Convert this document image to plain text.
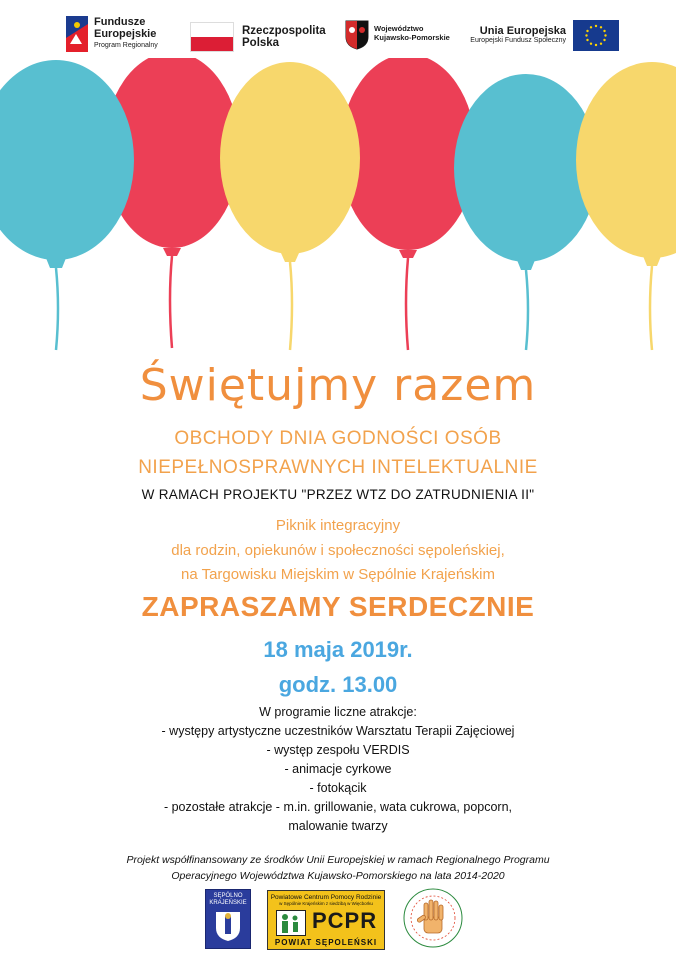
Fundusze
Europejskie
Program Regionalny
Rzeczpospolita
Polska
Województwo
Kujawsko-Pomorskie
Unia Europejska
Europejski Fundusz Społeczny
Świętujmy razem
OBCHODY DNIA GODNOŚCI OSÓB
NIEPEŁNOSPRAWNYCH INTELEKTUALNIE
W RAMACH PROJEKTU "PRZEZ WTZ DO ZATRUDNIENIA II"
Piknik integracyjny
dla rodzin, opiekunów i społeczności sępoleńskiej,
na Targowisku Miejskim w Sępólnie Krajeńskim
ZAPRASZAMY SERDECZNIE
18 maja 2019r.
godz. 13.00
W programie liczne atrakcje:
- występy artystyczne uczestników Warsztatu Terapii Zajęciowej
- występ zespołu VERDIS
- animacje cyrkowe
- fotokącik
- pozostałe atrakcje - m.in. grillowanie, wata cukrowa, popcorn,
malowanie twarzy
Projekt współfinansowany ze środków Unii Europejskiej w ramach Regionalnego Programu
Operacyjnego Województwa Kujawsko-Pomorskiego na lata 2014-2020
SĘPÓLNO KRAJEŃSKIE
Powiatowe Centrum Pomocy Rodzinie
w Sępólnie Krajeńskim z siedzibą w Więcborku
PCPR
POWIAT SĘPOLEŃSKI
